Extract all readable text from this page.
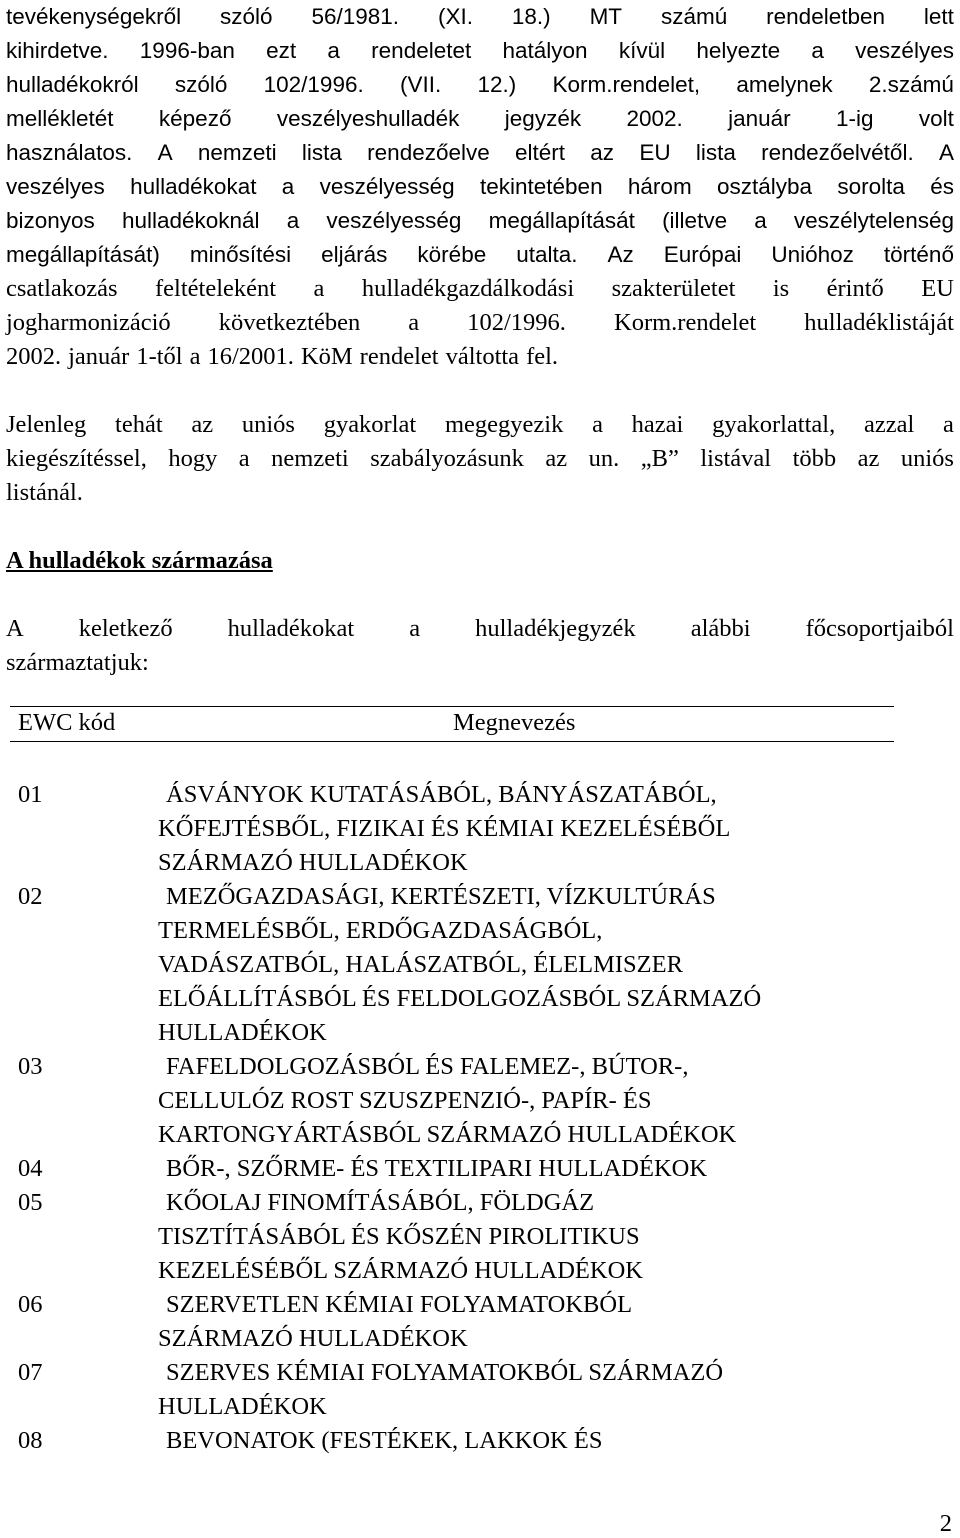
tevékenységekről szóló 56/1981. (XI. 18.) MT számú rendeletben lett
kihirdetve. 1996-ban ezt a rendeletet hatályon kívül helyezte a veszélyes
hulladékokról szóló 102/1996. (VII. 12.) Korm.rendelet, amelynek 2.számú
mellékletét képező veszélyeshulladék jegyzék 2002. január 1-ig volt
használatos. A nemzeti lista rendezőelve eltért az EU lista rendezőelvétől. A
veszélyes hulladékokat a veszélyesség tekintetében három osztályba sorolta és
bizonyos hulladékoknál a veszélyesség megállapítását (illetve a veszélytelenség
megállapítását) minősítési eljárás körébe utalta. Az Európai Unióhoz történő
csatlakozás feltételeként a hulladékgazdálkodási szakterületet is érintő EU
jogharmonizáció következtében a 102/1996. Korm.rendelet hulladéklistáját
2002. január 1-től a 16/2001. KöM rendelet váltotta fel.
Jelenleg tehát az uniós gyakorlat megegyezik a hazai gyakorlattal, azzal a
kiegészítéssel, hogy a nemzeti szabályozásunk az un. „B” listával több az uniós
listánál.
A hulladékok származása
A keletkező hulladékokat a hulladékjegyzék alábbi főcsoportjaiból
származtatjuk:
EWC kód	Megnevezés
01	ÁSVÁNYOK KUTATÁSÁBÓL, BÁNYÁSZATÁBÓL,
KŐFEJTÉSBŐL, FIZIKAI ÉS KÉMIAI KEZELÉSÉBŐL
SZÁRMAZÓ HULLADÉKOK
02	MEZŐGAZDASÁGI, KERTÉSZETI, VÍZKULTÚRÁS
TERMELÉSBŐL, ERDŐGAZDASÁGBÓL,
VADÁSZATBÓL, HALÁSZATBÓL, ÉLELMISZER
ELŐÁLLÍTÁSBÓL ÉS FELDOLGOZÁSBÓL SZÁRMAZÓ
HULLADÉKOK
03	FAFELDOLGOZÁSBÓL ÉS FALEMEZ-, BÚTOR-,
CELLULÓZ ROST SZUSZPENZIÓ-, PAPÍR- ÉS
KARTONGYÁRTÁSBÓL SZÁRMAZÓ HULLADÉKOK
04	BŐR-, SZŐRME- ÉS TEXTILIPARI HULLADÉKOK
05	KŐOLAJ FINOMÍTÁSÁBÓL, FÖLDGÁZ
TISZTÍTÁSÁBÓL ÉS KŐSZÉN PIROLITIKUS
KEZELÉSÉBŐL SZÁRMAZÓ HULLADÉKOK
06	SZERVETLEN KÉMIAI FOLYAMATOKBÓL
SZÁRMAZÓ HULLADÉKOK
07	SZERVES KÉMIAI FOLYAMATOKBÓL SZÁRMAZÓ
HULLADÉKOK
08	BEVONATOK (FESTÉKEK, LAKKOK ÉS
2
